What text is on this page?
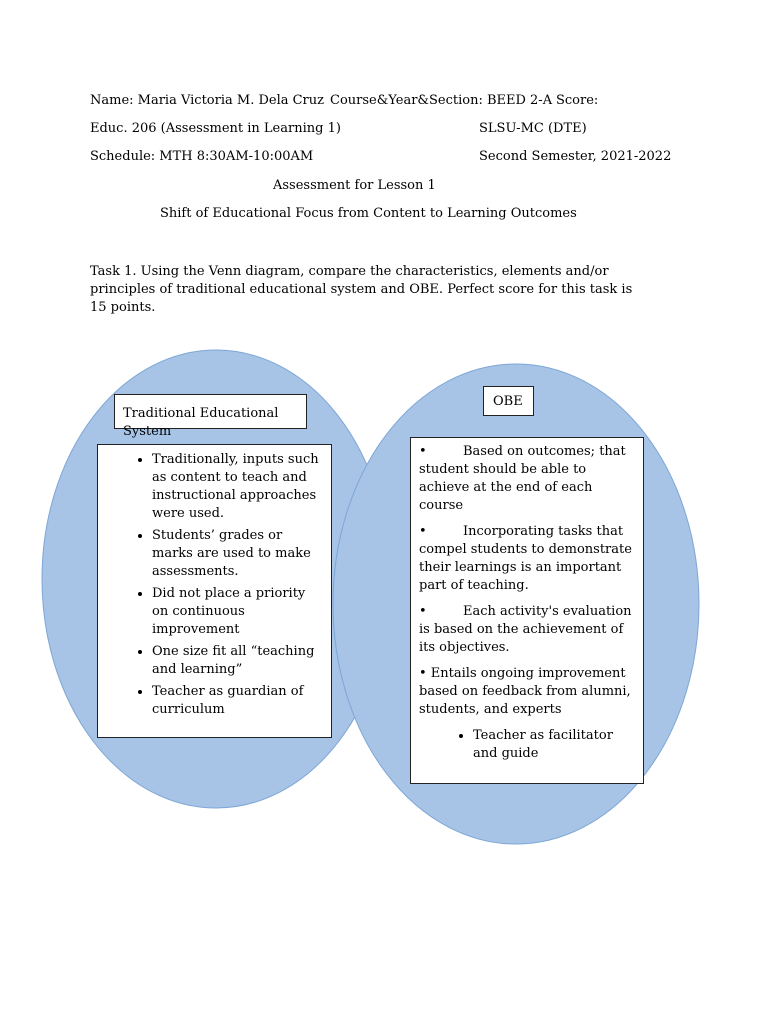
Name: Maria Victoria M. Dela Cruz Course&Year&Section: BEED 2-A Score:
Educ. 206 (Assessment in Learning 1)	SLSU-MC (DTE)
Schedule: MTH 8:30AM-10:00AM	Second Semester, 2021-2022
Assessment for Lesson 1
Shift of Educational Focus from Content to Learning Outcomes
Task 1. Using the Venn diagram, compare the characteristics, elements and/or principles of traditional educational system and OBE. Perfect score for this task is 15 points.
Traditional Educational System
• Traditionally, inputs such as content to teach and instructional approaches were used.
• Students’ grades or marks are used to make assessments.
• Did not place a priority on continuous improvement
• One size fit all “teaching and learning”
• Teacher as guardian of curriculum
OBE

•	Based on outcomes; that student should be able to achieve at the end of each course

•	Incorporating tasks that compel students to demonstrate their learnings is an important part of teaching.

•	Each activity's evaluation is based on the achievement of its objectives.

• Entails ongoing improvement based on feedback from alumni, students, and experts

• Teacher as facilitator and guide
